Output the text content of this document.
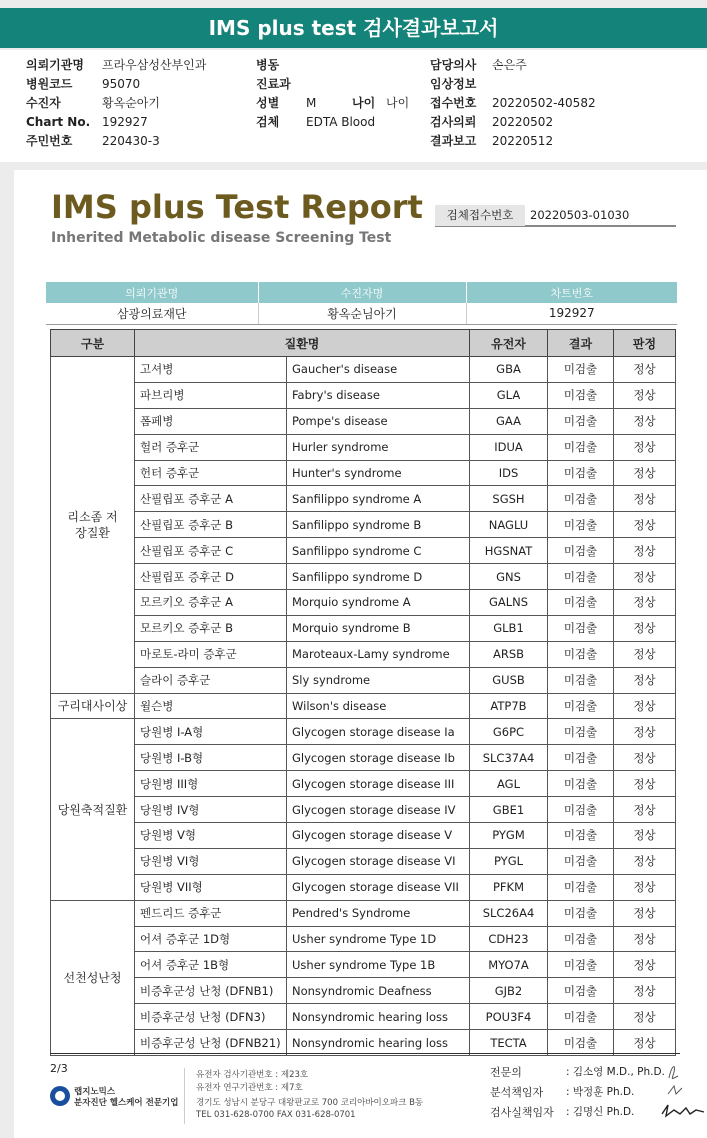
IMS plus test 검사결과보고서
의뢰기관명 프라우삼성산부인과
병원코드 95070
수진자	황옥순아기
Chart No. 192927
주민번호 220430-3
병동
진료과
성별 M	나이 나이
검체 EDTA Blood
담당의사 손은주
임상정보
접수번호 20220502-40582
검사의뢰 20220502
결과보고 20220512
IMS plus Test Report
Inherited Metabolic disease Screening Test
검체접수번호	20220503-01030
의뢰기관명	수진자명	차트번호
삼광의료재단	황옥순님아기	192927
구분	질환명		유전자	결과	판정
리소좀 저장질환	고셔병	Gaucher's disease	GBA	미검출	정상
	파브리병	Fabry's disease	GLA	미검출	정상
	폼페병	Pompe's disease	GAA	미검출	정상
	헐러 증후군	Hurler syndrome	IDUA	미검출	정상
	헌터 증후군	Hunter's syndrome	IDS	미검출	정상
	산필립포 증후군 A	Sanfilippo syndrome A	SGSH	미검출	정상
	산필립포 증후군 B	Sanfilippo syndrome B	NAGLU	미검출	정상
	산필립포 증후군 C	Sanfilippo syndrome C	HGSNAT	미검출	정상
	산필립포 증후군 D	Sanfilippo syndrome D	GNS	미검출	정상
	모르키오 증후군 A	Morquio syndrome A	GALNS	미검출	정상
	모르키오 증후군 B	Morquio syndrome B	GLB1	미검출	정상
	마로토-라미 증후군	Maroteaux-Lamy syndrome	ARSB	미검출	정상
	슬라이 증후군	Sly syndrome	GUSB	미검출	정상
구리대사이상	윌슨병	Wilson's disease	ATP7B	미검출	정상
당원축적질환	당원병 I-A형	Glycogen storage disease Ia	G6PC	미검출	정상
	당원병 I-B형	Glycogen storage disease Ib	SLC37A4	미검출	정상
	당원병 III형	Glycogen storage disease III	AGL	미검출	정상
	당원병 IV형	Glycogen storage disease IV	GBE1	미검출	정상
	당원병 V형	Glycogen storage disease V	PYGM	미검출	정상
	당원병 VI형	Glycogen storage disease VI	PYGL	미검출	정상
	당원병 VII형	Glycogen storage disease VII	PFKM	미검출	정상
선천성난청	펜드리드 증후군	Pendred's Syndrome	SLC26A4	미검출	정상
	어셔 증후군 1D형	Usher syndrome Type 1D	CDH23	미검출	정상
	어셔 증후군 1B형	Usher syndrome Type 1B	MYO7A	미검출	정상
	비증후군성 난청 (DFNB1)	Nonsyndromic Deafness	GJB2	미검출	정상
	비증후군성 난청 (DFN3)	Nonsyndromic hearing loss	POU3F4	미검출	정상
	비증후군성 난청 (DFNB21)	Nonsyndromic hearing loss	TECTA	미검출	정상
2/3
랩지노믹스
분자진단 헬스케어 전문기업
유전자 검사기관번호 : 제23호
유전자 연구기관번호 : 제7호
경기도 성남시 분당구 대왕판교로 700 코리아바이오파크 B동
TEL 031-628-0700 FAX 031-628-0701
전문의	: 김소영 M.D., Ph.D.
분석책임자 : 박정훈 Ph.D.
검사실책임자 : 김명신 Ph.D.
